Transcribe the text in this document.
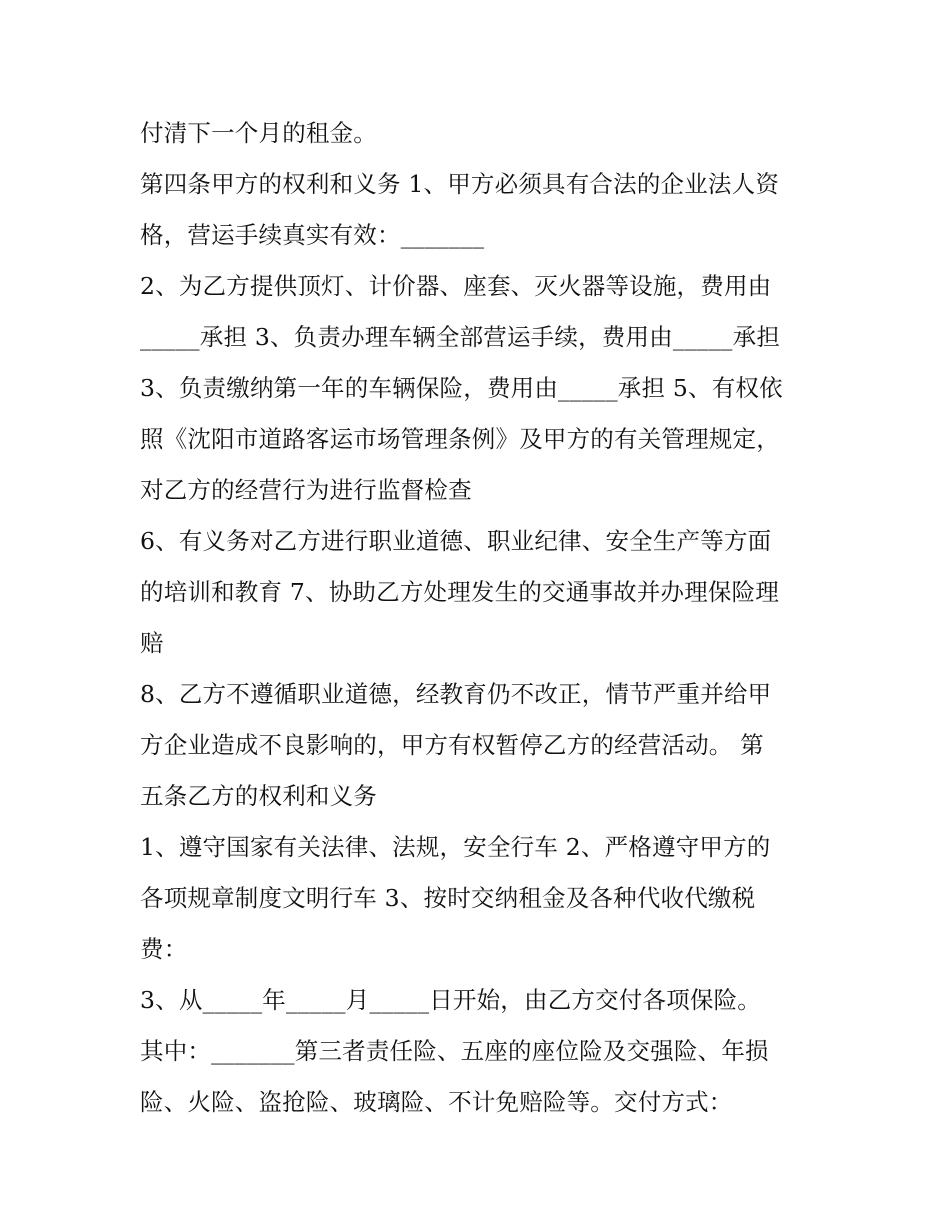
付清下一个月的租金。
第四条甲方的权利和义务 1、甲方必须具有合法的企业法人资
格，营运手续真实有效：_______
2、为乙方提供顶灯、计价器、座套、灭火器等设施，费用由
_____承担 3、负责办理车辆全部营运手续，费用由_____承担
3、负责缴纳第一年的车辆保险，费用由_____承担 5、有权依
照《沈阳市道路客运市场管理条例》及甲方的有关管理规定，
对乙方的经营行为进行监督检查
6、有义务对乙方进行职业道德、职业纪律、安全生产等方面
的培训和教育 7、协助乙方处理发生的交通事故并办理保险理
赔
8、乙方不遵循职业道德，经教育仍不改正，情节严重并给甲
方企业造成不良影响的，甲方有权暂停乙方的经营活动。 第
五条乙方的权利和义务
1、遵守国家有关法律、法规，安全行车 2、严格遵守甲方的
各项规章制度文明行车 3、按时交纳租金及各种代收代缴税
费：
3、从_____年_____月_____日开始，由乙方交付各项保险。
其中：_______第三者责任险、五座的座位险及交强险、年损
险、火险、盗抢险、玻璃险、不计免赔险等。交付方式：
